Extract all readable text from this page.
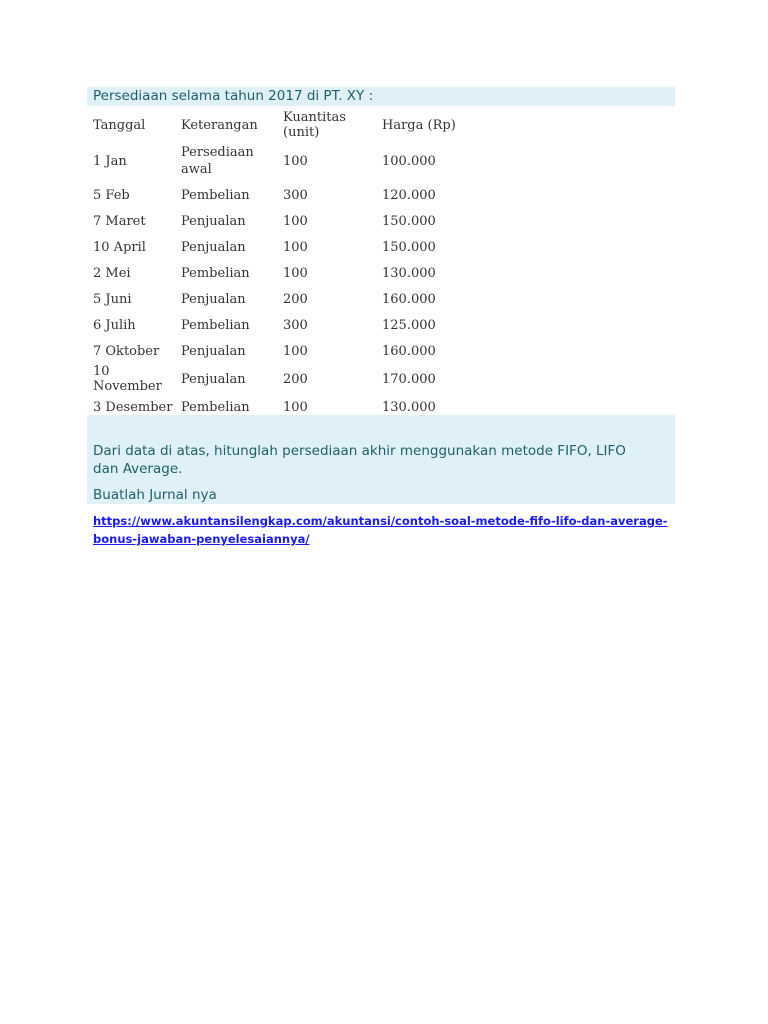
Persediaan selama tahun 2017 di PT. XY :
Tanggal	Keterangan	Kuantitas (unit)	Harga (Rp)
1 Jan	Persediaan awal	100	100.000
5 Feb	Pembelian	300	120.000
7 Maret	Penjualan	100	150.000
10 April	Penjualan	100	150.000
2 Mei	Pembelian	100	130.000
5 Juni	Penjualan	200	160.000
6 Julih	Pembelian	300	125.000
7 Oktober	Penjualan	100	160.000
10 November	Penjualan	200	170.000
3 Desember	Pembelian	100	130.000
Dari data di atas, hitunglah persediaan akhir menggunakan metode FIFO, LIFO dan Average.
Buatlah Jurnal nya
https://www.akuntansilengkap.com/akuntansi/contoh-soal-metode-fifo-lifo-dan-average-bonus-jawaban-penyelesaiannya/
